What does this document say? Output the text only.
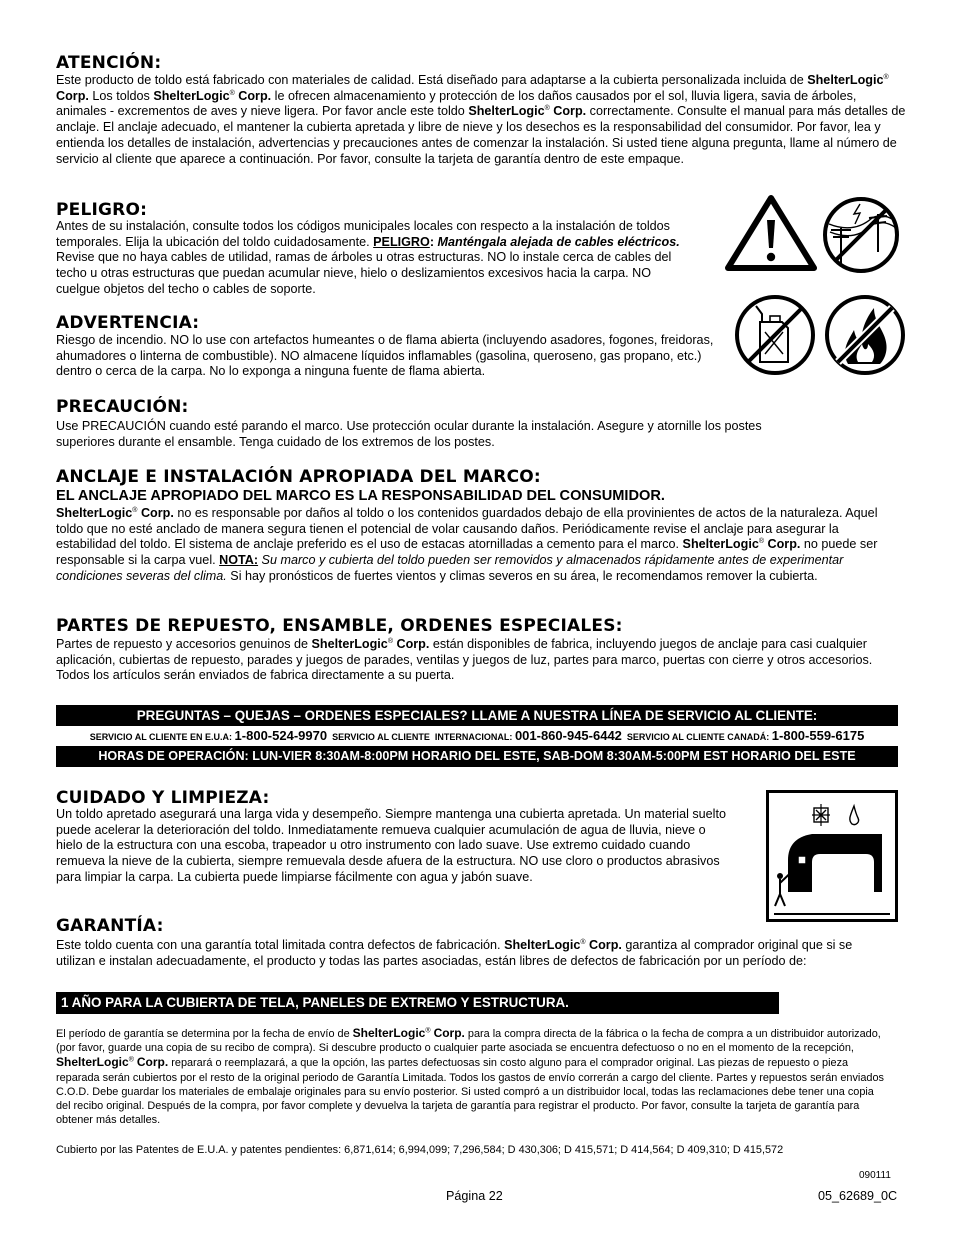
ATENCIÓN:

Este producto de toldo está fabricado con materiales de calidad. Está diseñado para adaptarse a la cubierta personalizada incluida de ShelterLogic® Corp. Los toldos ShelterLogic® Corp. le ofrecen almacenamiento y protección de los daños causados por el sol, lluvia ligera, savia de árboles, animales - excrementos de aves y nieve ligera. Por favor ancle este toldo ShelterLogic® Corp. correctamente. Consulte el manual para más detalles de anclaje. El anclaje adecuado, el mantener la cubierta apretada y libre de nieve y los desechos es la responsabilidad del consumidor. Por favor, lea y entienda los detalles de instalación, advertencias y precauciones antes de comenzar la instalación. Si usted tiene alguna pregunta, llame al número de servicio al cliente que aparece a continuación. Por favor, consulte la tarjeta de garantía dentro de este empaque.

PELIGRO:

Antes de su instalación, consulte todos los códigos municipales locales con respecto a la instalación de toldos temporales. Elija la ubicación del toldo cuidadosamente. PELIGRO: Manténgala alejada de cables eléctricos. Revise que no haya cables de utilidad, ramas de árboles u otras estructuras. NO lo instale cerca de cables del techo u otras estructuras que puedan acumular nieve, hielo o deslizamientos excesivos hacia la carpa. NO cuelgue objetos del techo o cables de soporte.

ADVERTENCIA:

Riesgo de incendio. NO lo use con artefactos humeantes o de flama abierta (incluyendo asadores, fogones, freidoras, ahumadores o linterna de combustible). NO almacene líquidos inflamables (gasolina, queroseno, gas propano, etc.) dentro o cerca de la carpa. No lo exponga a ninguna fuente de flama abierta.

PRECAUCIÓN:

Use PRECAUCIÓN cuando esté parando el marco. Use protección ocular durante la instalación. Asegure y atornille los postes superiores durante el ensamble. Tenga cuidado de los extremos de los postes.

ANCLAJE E INSTALACIÓN APROPIADA DEL MARCO:

EL ANCLAJE APROPIADO DEL MARCO ES LA RESPONSABILIDAD DEL CONSUMIDOR.

ShelterLogic® Corp. no es responsable por daños al toldo o los contenidos guardados debajo de ella provinientes de actos de la naturaleza. Aquel toldo que no esté anclado de manera segura tienen el potencial de volar causando daños. Periódicamente revise el anclaje para asegurar la estabilidad del toldo. El sistema de anclaje preferido es el uso de estacas atornilladas a cemento para el marco. ShelterLogic® Corp. no puede ser responsable si la carpa vuel. NOTA: Su marco y cubierta del toldo pueden ser removidos y almacenados rápidamente antes de experimentar condiciones severas del clima. Si hay pronósticos de fuertes vientos y climas severos en su área, le recomendamos remover la cubierta.

PARTES DE REPUESTO, ENSAMBLE, ORDENES ESPECIALES:

Partes de repuesto y accesorios genuinos de ShelterLogic® Corp. están disponibles de fabrica, incluyendo juegos de anclaje para casi cualquier aplicación, cubiertas de repuesto, parades y juegos de parades, ventilas y juegos de luz, partes para marco, puertas con cierre y otros accesorios. Todos los artículos serán enviados de fabrica directamente a su puerta.

PREGUNTAS – QUEJAS – ORDENES ESPECIALES? LLAME A NUESTRA LÍNEA DE SERVICIO AL CLIENTE:
SERVICIO AL CLIENTE EN E.U.A: 1-800-524-9970  SERVICIO AL CLIENTE  INTERNACIONAL: 001-860-945-6442  SERVICIO AL CLIENTE CANADÁ: 1-800-559-6175
HORAS DE OPERACIÓN: LUN-VIER 8:30AM-8:00PM HORARIO DEL ESTE, SAB-DOM 8:30AM-5:00PM EST HORARIO DEL ESTE
CUIDADO Y LIMPIEZA:

Un toldo apretado asegurará una larga vida y desempeño. Siempre mantenga una cubierta apretada. Un material suelto puede acelerar la deterioración del toldo. Inmediatamente remueva cualquier acumulación de agua de lluvia, nieve o hielo de la estructura con una escoba, trapeador u otro instrumento con lado suave. Use extremo cuidado cuando remueva la nieve de la cubierta, siempre remuevala desde afuera de la estructura. NO use cloro o productos abrasivos para limpiar la carpa. La cubierta puede limpiarse fácilmente con agua y jabón suave.

GARANTÍA:

Este toldo cuenta con una garantía total limitada contra defectos de fabricación. ShelterLogic® Corp. garantiza al comprador original que si se utilizan e instalan adecuadamente, el producto y todas las partes asociadas, están libres de defectos de fabricación por un período de:

1 AÑO PARA LA CUBIERTA DE TELA, PANELES DE EXTREMO Y ESTRUCTURA.

El período de garantía se determina por la fecha de envío de ShelterLogic® Corp. para la compra directa de la fábrica o la fecha de compra a un distribuidor autorizado, (por favor, guarde una copia de su recibo de compra). Si descubre producto o cualquier parte asociada se encuentra defectuoso o no en el momento de la recepción, ShelterLogic® Corp. reparará o reemplazará, a que la opción, las partes defectuosas sin costo alguno para el comprador original. Las piezas de repuesto o pieza reparada serán cubiertos por el resto de la original periodo de Garantía Limitada. Todos los gastos de envío correrán a cargo del cliente. Partes y repuestos serán enviados C.O.D. Debe guardar los materiales de embalaje originales para su envío posterior. Si usted compró a un distribuidor local, todas las reclamaciones debe tener una copia del recibo original. Después de la compra, por favor complete y devuelva la tarjeta de garantía para registrar el producto. Por favor, consulte la tarjeta de garantía para obtener más detalles.

Cubierto por las Patentes de E.U.A. y patentes pendientes: 6,871,614; 6,994,099; 7,296,584; D 430,306; D 415,571; D 414,564; D 409,310; D 415,572

090111

Página 22	05_62689_0C
